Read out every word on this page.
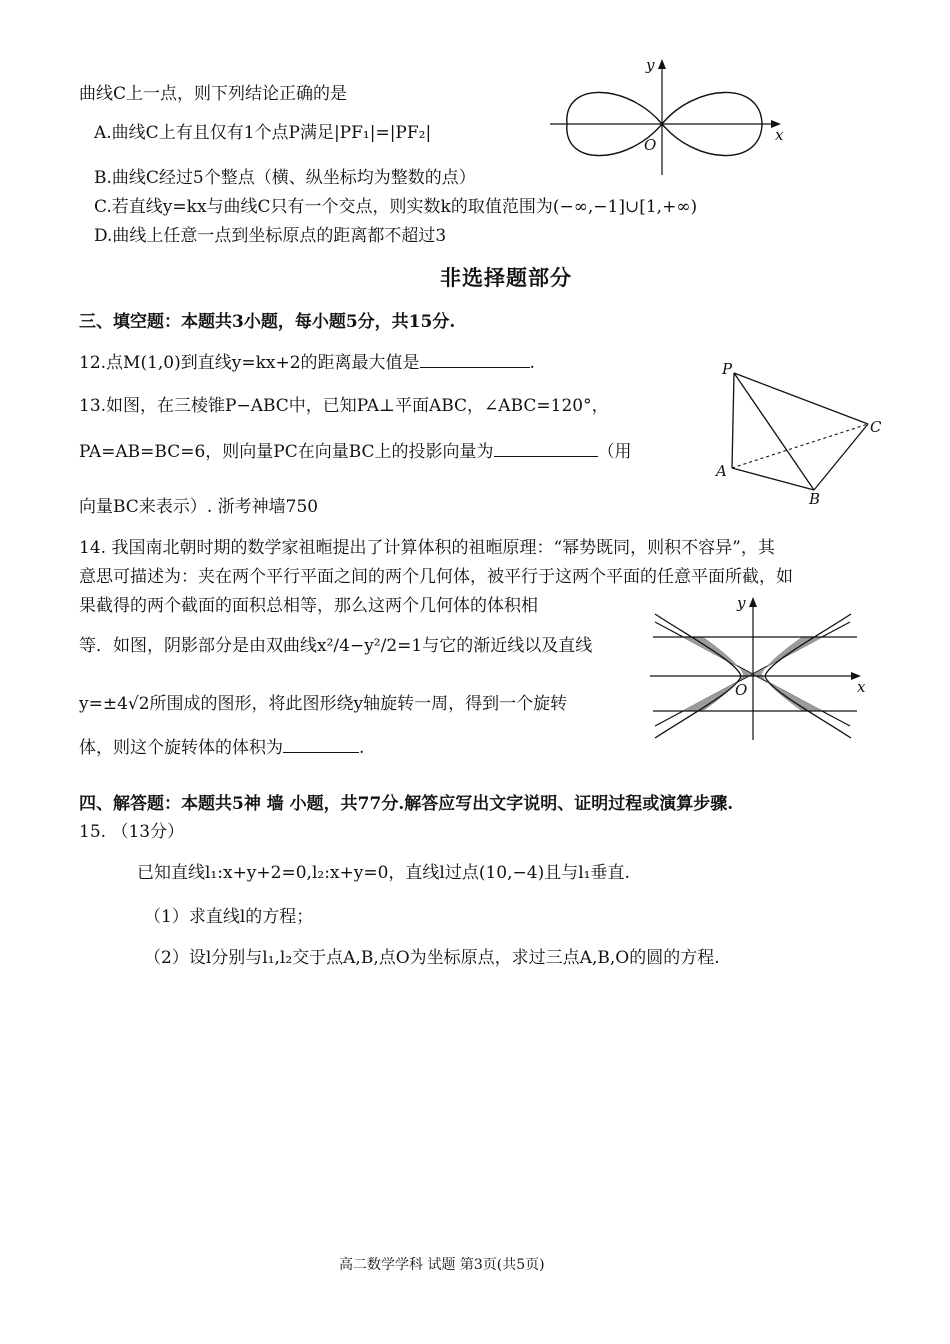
曲线C上一点，则下列结论正确的是
A.曲线C上有且仅有1个点P满足|PF₁|=|PF₂|
B.曲线C经过5个整点（横、纵坐标均为整数的点）
C.若直线y=kx与曲线C只有一个交点，则实数k的取值范围为(−∞,−1]∪[1,+∞)
D.曲线上任意一点到坐标原点的距离都不超过3
x
y
O
非选择题部分
三、填空题：本题共3小题，每小题5分，共15分.
12.点M(1,0)到直线y=kx+2的距离最大值是	.
13.如图，在三棱锥P−ABC中，已知PA⊥平面ABC，∠ABC=120°，
PA=AB=BC=6，则向量PC在向量BC上的投影向量为	（用
向量BC来表示）. 浙考神墙750
P
A
B
C
14. 我国南北朝时期的数学家祖暅提出了计算体积的祖暅原理：“幂势既同，则积不容异”，其
意思可描述为：夹在两个平行平面之间的两个几何体，被平行于这两个平面的任意平面所截，如
果截得的两个截面的面积总相等，那么这两个几何体的体积相
等．如图，阴影部分是由双曲线x²/4−y²/2=1与它的渐近线以及直线
y=±4√2所围成的图形，将此图形绕y轴旋转一周，得到一个旋转
体，则这个旋转体的体积为	.
x
y
O
四、解答题：本题共5神 墙 小题，共77分.解答应写出文字说明、证明过程或演算步骤.
15. （13分）
已知直线l₁:x+y+2=0,l₂:x+y=0，直线l过点(10,−4)且与l₁垂直.
（1）求直线l的方程；
（2）设l分别与l₁,l₂交于点A,B,点O为坐标原点，求过三点A,B,O的圆的方程.
高二数学学科 试题 第3页(共5页)
